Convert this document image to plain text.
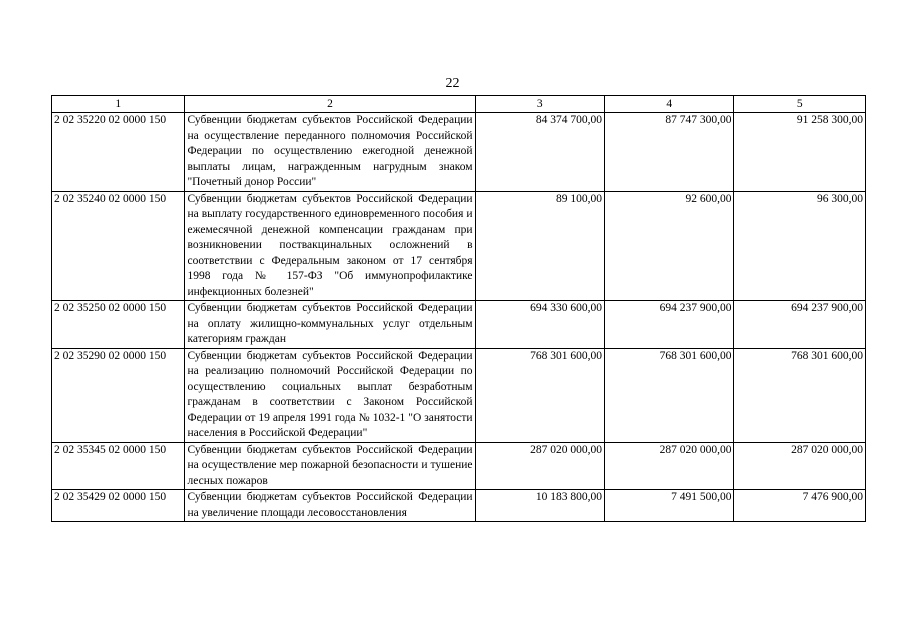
22
1	2	3	4	5
2 02 35220 02 0000 150	Субвенции бюджетам субъектов Российской Федерации на осуществление переданного полномочия Российской Федерации по осуществлению ежегодной денежной выплаты лицам, награжденным нагрудным знаком "Почетный донор России"	84 374 700,00	87 747 300,00	91 258 300,00
2 02 35240 02 0000 150	Субвенции бюджетам субъектов Российской Федерации на выплату государственного единовременного пособия и ежемесячной денежной компенсации гражданам при возникновении поствакцинальных осложнений в соответствии с Федеральным законом от 17 сентября 1998 года № 157-ФЗ "Об иммунопрофилактике инфекционных болезней"	89 100,00	92 600,00	96 300,00
2 02 35250 02 0000 150	Субвенции бюджетам субъектов Российской Федерации на оплату жилищно-коммунальных услуг отдельным категориям граждан	694 330 600,00	694 237 900,00	694 237 900,00
2 02 35290 02 0000 150	Субвенции бюджетам субъектов Российской Федерации на реализацию полномочий Российской Федерации по осуществлению социальных выплат безработным гражданам в соответствии с Законом Российской Федерации от 19 апреля 1991 года № 1032-1 "О занятости населения в Российской Федерации"	768 301 600,00	768 301 600,00	768 301 600,00
2 02 35345 02 0000 150	Субвенции бюджетам субъектов Российской Федерации на осуществление мер пожарной безопасности и тушение лесных пожаров	287 020 000,00	287 020 000,00	287 020 000,00
2 02 35429 02 0000 150	Субвенции бюджетам субъектов Российской Федерации на увеличение площади лесовосстановления	10 183 800,00	7 491 500,00	7 476 900,00
